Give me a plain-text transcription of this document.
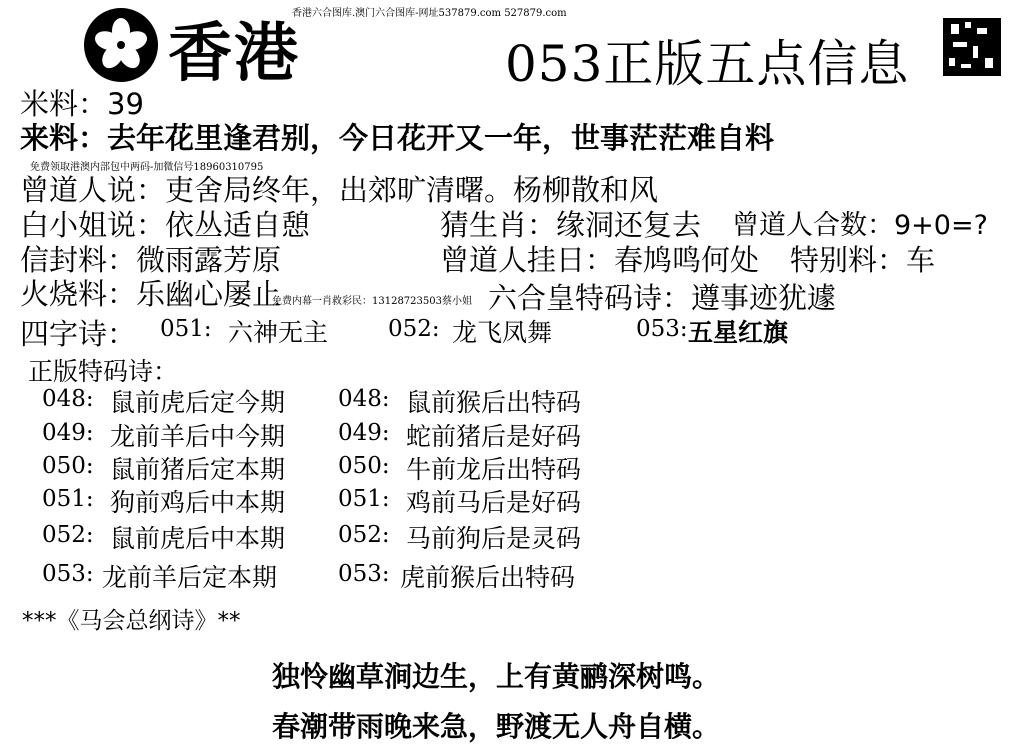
香港六合图库.澳门六合图库-网址537879.com 527879.com
香港	053正版五点信息
米料：39
来料：去年花里逢君别，今日花开又一年，世事茫茫难自料
免费领取港澳内部包中两码-加微信号18960310795
曾道人说：吏舍局终年，出郊旷清曙。杨柳散和风
白小姐说：依丛适自憩	猜生肖：缘洞还复去 曾道人合数：9+0=?
信封料：微雨露芳原	曾道人挂日：春鸠鸣何处 特别料：车
火烧料：乐幽心屡止
免费内幕一肖救彩民：13128723503蔡小姐 六合皇特码诗：遵事迹犹遽
四字诗： 051: 六神无主	052: 龙飞凤舞	053: 五星红旗
正版特码诗：
048: 鼠前虎后定今期 048: 鼠前猴后出特码
049: 龙前羊后中今期 049: 蛇前猪后是好码
050: 鼠前猪后定本期 050: 牛前龙后出特码
051: 狗前鸡后中本期 051: 鸡前马后是好码
052: 鼠前虎后中本期 052: 马前狗后是灵码
053: 龙前羊后定本期	053: 虎前猴后出特码
***《马会总纲诗》**
独怜幽草涧边生，上有黄鹂深树鸣。
春潮带雨晚来急，野渡无人舟自横。
